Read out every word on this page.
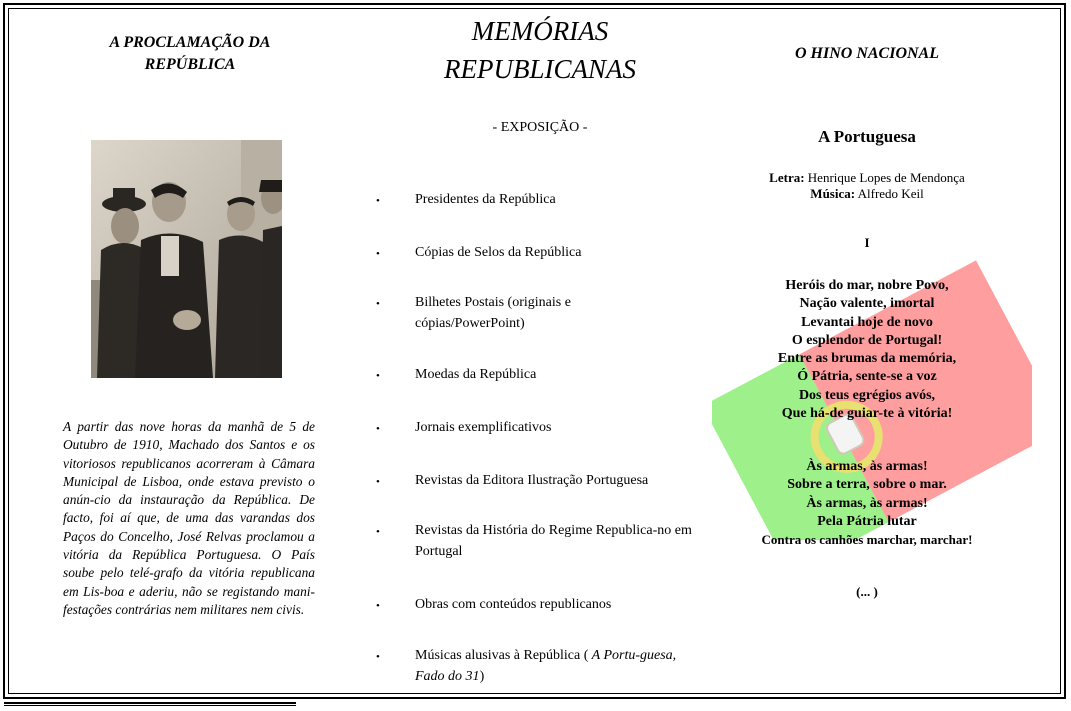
A PROCLAMAÇÃO DA
REPÚBLICA
A partir das nove horas da manhã de 5 de Outubro de 1910, Machado dos Santos e os vitoriosos republicanos acorreram à Câmara Municipal de Lisboa, onde estava previsto o anún-cio da instauração da República. De facto, foi aí que, de uma das varandas dos Paços do Concelho, José Relvas proclamou a vitória da República Portuguesa. O País soube pelo telé-grafo da vitória republicana em Lis-boa e aderiu, não se registando mani-festações contrárias nem militares nem civis.
MEMÓRIAS
REPUBLICANAS
- EXPOSIÇÃO -
•	Presidentes da República
•	Cópias de Selos da República
•	Bilhetes Postais (originais e cópias/PowerPoint)
•	Moedas da República
•	Jornais exemplificativos
•	Revistas da Editora Ilustração Portuguesa
•	Revistas da História do Regime Republica-no em Portugal
•	Obras com conteúdos republicanos
•	Músicas alusivas à República ( A Portu-guesa, Fado do 31)
O HINO NACIONAL
A Portuguesa
Letra: Henrique Lopes de Mendonça
Música: Alfredo Keil
I
Heróis do mar, nobre Povo,
Nação valente, imortal
Levantai hoje de novo
O esplendor de Portugal!
Entre as brumas da memória,
Ó Pátria, sente-se a voz
Dos teus egrégios avós,
Que há-de guiar-te à vitória!
Às armas, às armas!
Sobre a terra, sobre o mar.
Às armas, às armas!
Pela Pátria lutar
Contra os canhões marchar, marchar!
(... )
